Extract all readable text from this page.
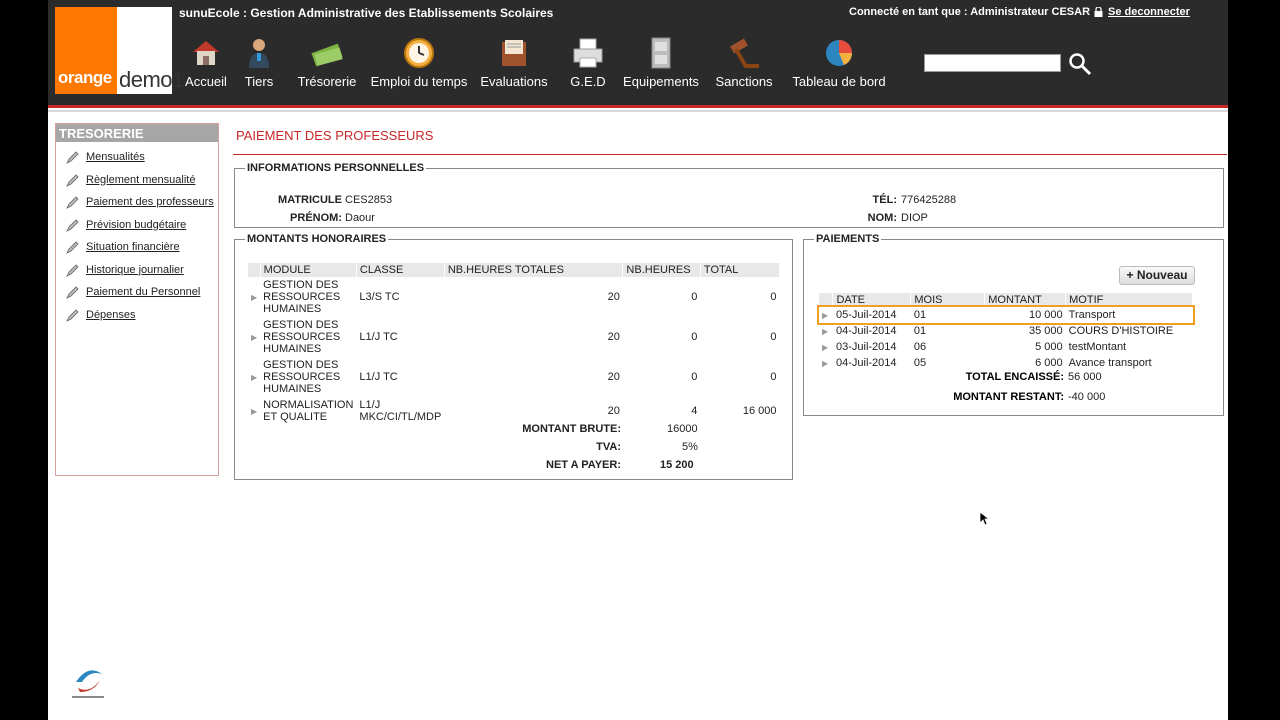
orange demo1
sunuEcole : Gestion Administrative des Etablissements Scolaires	Connecté en tant que : Administrateur CESAR Se deconnecter
Accueil	Tiers	Trésorerie Emploi du temps Evaluations G.E.D Equipements Sanctions	Tableau de bord
TRESORERIE
Mensualités
Règlement mensualité
Paiement des professeurs
Prévision budgétaire
Situation financière
Historique journalier
Paiement du Personnel
Dépenses
PAIEMENT DES PROFESSEURS
INFORMATIONS PERSONNELLES
MATRICULE CES2853
PRÉNOM: Daour
TÉL: 776425288
NOM: DIOP
MONTANTS HONORAIRES
	MODULE	CLASSE	NB.HEURES TOTALES	NB.HEURES	TOTAL
▶	GESTION DES
RESSOURCES
HUMAINES	L3/S TC	20	0	0
▶	GESTION DES
RESSOURCES
HUMAINES	L1/J TC	20	0	0
▶	GESTION DES
RESSOURCES
HUMAINES	L1/J TC	20	0	0
▶	NORMALISATION
ET QUALITE	L1/J
MKC/CI/TL/MDP	20	4	16 000
MONTANT BRUTE:	16000
TVA:	5%
NET A PAYER:	15 200
PAIEMENTS
+ Nouveau
	DATE	MOIS	MONTANT	MOTIF
▶	05-Juil-2014	01	10 000	Transport
▶	04-Juil-2014	01	35 000	COURS D'HISTOIRE
▶	03-Juil-2014	06	5 000	testMontant
▶	04-Juil-2014	05	6 000	Avance transport
TOTAL ENCAISSÉ: 56 000
MONTANT RESTANT: -40 000
